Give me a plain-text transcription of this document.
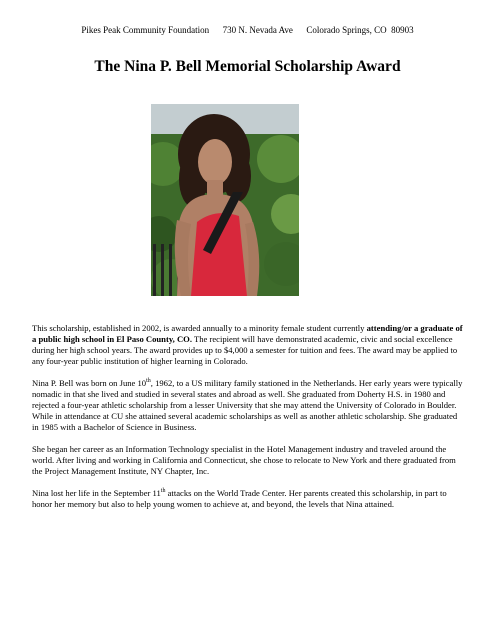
Pikes Peak Community Foundation 730 N. Nevada Ave Colorado Springs, CO  80903
The Nina P. Bell Memorial Scholarship Award

This scholarship, established in 2002, is awarded annually to a minority female student currently attending/or a graduate of a public high school in El Paso County, CO. The recipient will have demonstrated academic, civic and social excellence during her high school years. The award provides up to $4,000 a semester for tuition and fees. The award may be applied to any four-year public institution of higher learning in Colorado.

Nina P. Bell was born on June 10th, 1962, to a US military family stationed in the Netherlands. Her early years were typically nomadic in that she lived and studied in several states and abroad as well. She graduated from Doherty H.S. in 1980 and rejected a four-year athletic scholarship from a lesser University that she may attend the University of Colorado in Boulder. While in attendance at CU she attained several academic scholarships as well as another athletic scholarship. She graduated in 1985 with a Bachelor of Science in Business.

She began her career as an Information Technology specialist in the Hotel Management industry and traveled around the world. After living and working in California and Connecticut, she chose to relocate to New York and there graduated from the Project Management Institute, NY Chapter, Inc.

Nina lost her life in the September 11th attacks on the World Trade Center. Her parents created this scholarship, in part to honor her memory but also to help young women to achieve at, and beyond, the levels that Nina attained.
